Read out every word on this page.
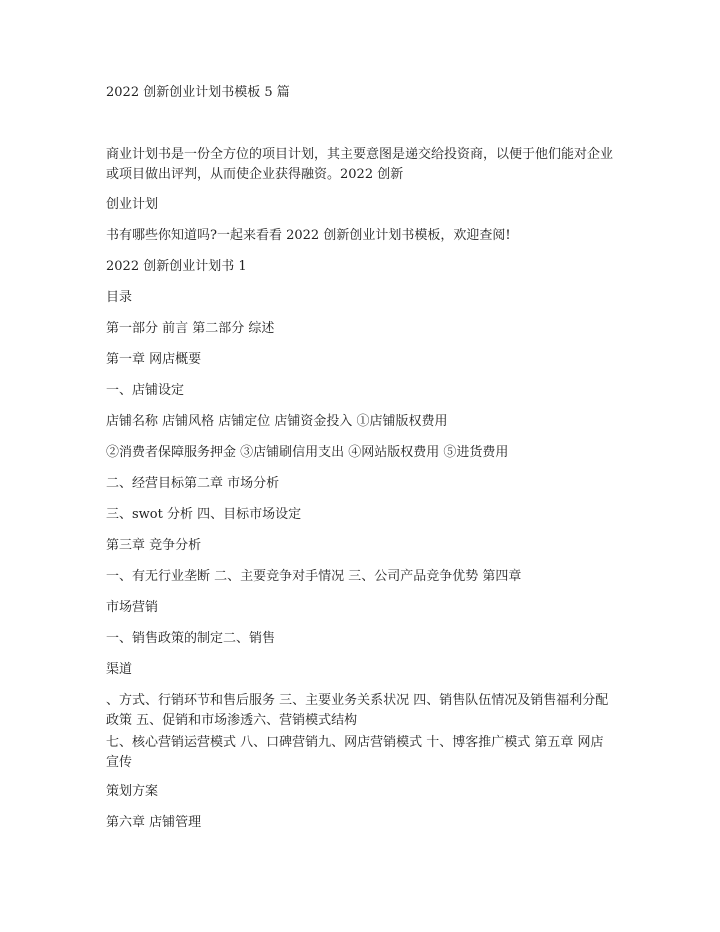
2022 创新创业计划书模板 5 篇
商业计划书是一份全方位的项目计划，其主要意图是递交给投资商，以便于他们能对企业
或项目做出评判，从而使企业获得融资。2022 创新
创业计划
书有哪些你知道吗?一起来看看 2022 创新创业计划书模板，欢迎查阅!
2022 创新创业计划书 1
目录
第一部分 前言 第二部分 综述
第一章 网店概要
一、店铺设定
店铺名称 店铺风格 店铺定位 店铺资金投入 ①店铺版权费用
②消费者保障服务押金 ③店铺刷信用支出 ④网站版权费用 ⑤进货费用
二、经营目标第二章 市场分析
三、swot 分析 四、目标市场设定
第三章 竞争分析
一、有无行业垄断 二、主要竞争对手情况 三、公司产品竞争优势 第四章
市场营销
一、销售政策的制定二、销售
渠道
、方式、行销环节和售后服务 三、主要业务关系状况 四、销售队伍情况及销售福利分配
政策 五、促销和市场渗透六、营销模式结构
七、核心营销运营模式 八、口碑营销九、网店营销模式 十、博客推广模式 第五章 网店
宣传
策划方案
第六章 店铺管理
